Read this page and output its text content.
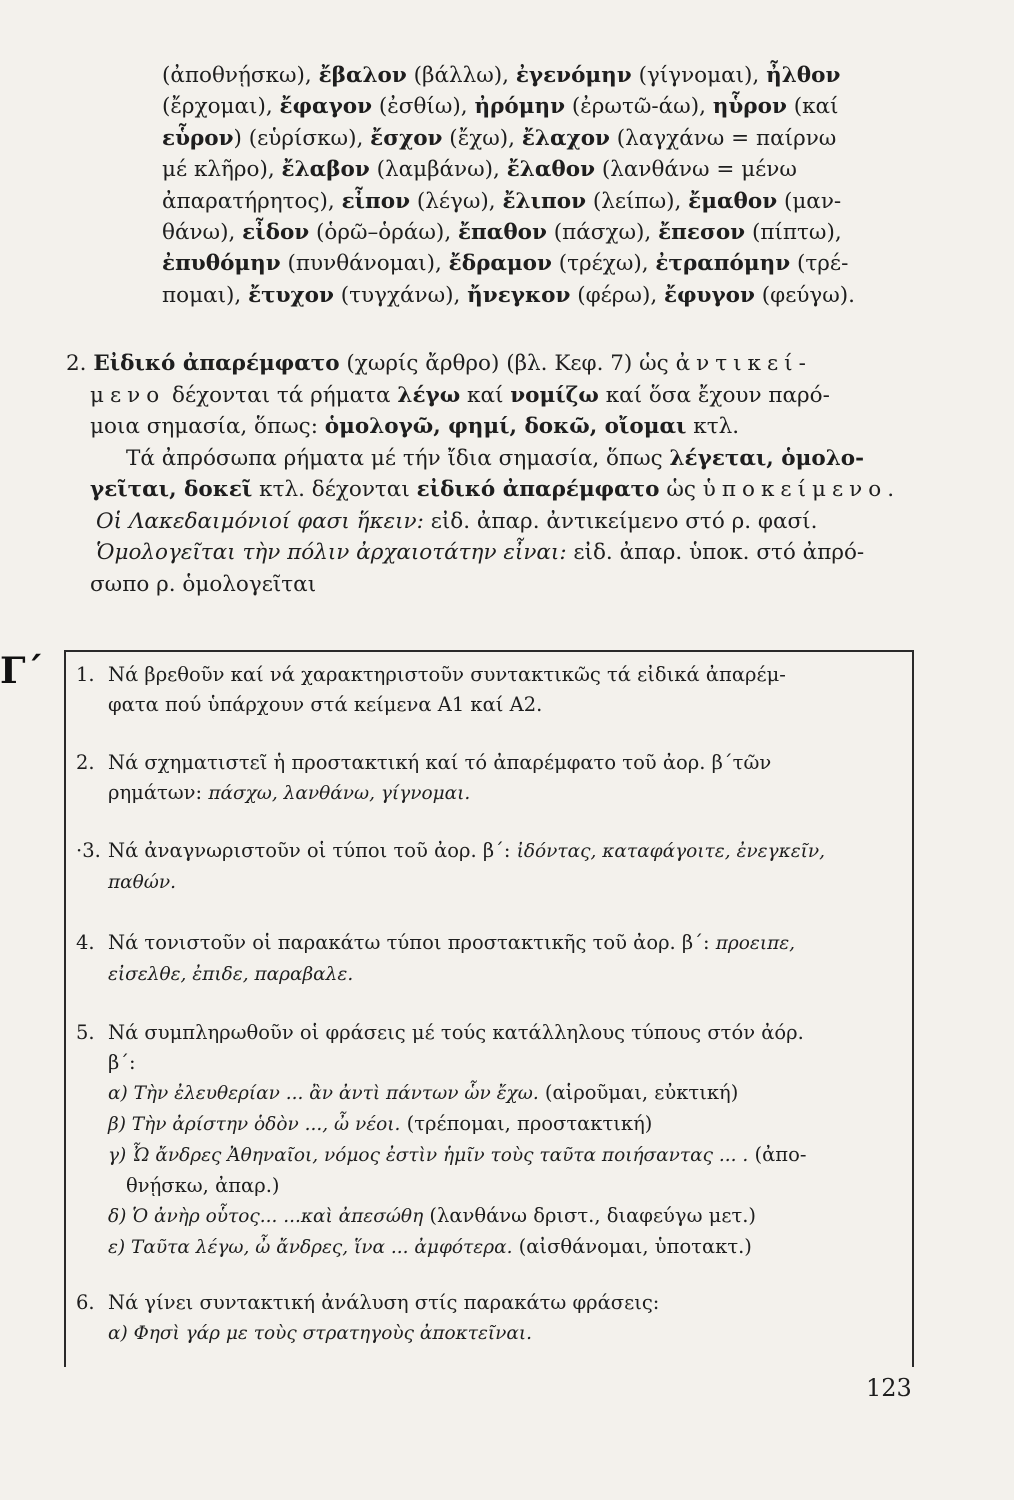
(ἀποθνῄσκω), ἔβαλον (βάλλω), ἐγενόμην (γίγνομαι), ἦλθον
(ἔρχομαι), ἔφαγον (ἐσθίω), ἠρόμην (ἐρωτῶ-άω), ηὗρον (καί
εὗρον) (εὑρίσκω), ἔσχον (ἔχω), ἔλαχον (λαγχάνω = παίρνω
μέ κλῆρο), ἔλαβον (λαμβάνω), ἔλαθον (λανθάνω = μένω
ἀπαρατήρητος), εἶπον (λέγω), ἔλιπον (λείπω), ἔμαθον (μαν-
θάνω), εἶδον (ὁρῶ–ὁράω), ἔπαθον (πάσχω), ἔπεσον (πίπτω),
ἐπυθόμην (πυνθάνομαι), ἔδραμον (τρέχω), ἐτραπόμην (τρέ-
πομαι), ἔτυχον (τυγχάνω), ἤνεγκον (φέρω), ἔφυγον (φεύγω).
2. Εἰδικό ἀπαρέμφατο (χωρίς ἄρθρο) (βλ. Κεφ. 7) ὡς ἀντικεί-
μενο δέχονται τά ρήματα λέγω καί νομίζω καί ὅσα ἔχουν παρό-
μοια σημασία, ὅπως: ὁμολογῶ, φημί, δοκῶ, οἴομαι κτλ.
Τά ἀπρόσωπα ρήματα μέ τήν ἴδια σημασία, ὅπως λέγεται, ὁμολο-
γεῖται, δοκεῖ κτλ. δέχονται εἰδικό ἀπαρέμφατο ὡς ὑποκείμενο.
Οἱ Λακεδαιμόνιοί φασι ἥκειν: εἰδ. ἀπαρ. ἀντικείμενο στό ρ. φασί.
Ὁμολογεῖται τὴν πόλιν ἀρχαιοτάτην εἶναι: εἰδ. ἀπαρ. ὑποκ. στό ἀπρό-
σωπο ρ. ὁμολογεῖται
Γ΄ 1. Νά βρεθοῦν καί νά χαρακτηριστοῦν συντακτικῶς τά εἰδικά ἀπαρέμ-
φατα πού ὑπάρχουν στά κείμενα Α1 καί Α2.
2. Νά σχηματιστεῖ ἡ προστακτική καί τό ἀπαρέμφατο τοῦ ἀορ. β΄τῶν
ρημάτων: πάσχω, λανθάνω, γίγνομαι.
·3. Νά ἀναγνωριστοῦν οἱ τύποι τοῦ ἀορ. β΄: ἰδόντας, καταφάγοιτε, ἐνεγκεῖν,
παθών.
4. Νά τονιστοῦν οἱ παρακάτω τύποι προστακτικῆς τοῦ ἀορ. β΄: προειπε,
εἰσελθε, ἐπιδε, παραβαλε.
5. Νά συμπληρωθοῦν οἱ φράσεις μέ τούς κατάλληλους τύπους στόν ἀόρ.
β΄:
α) Τὴν ἐλευθερίαν ... ἂν ἀντὶ πάντων ὧν ἔχω. (αἱροῦμαι, εὐκτική)
β) Τὴν ἀρίστην ὁδὸν ..., ὦ νέοι. (τρέπομαι, προστακτική)
γ) Ὦ ἄνδρες Ἀθηναῖοι, νόμος ἐστὶν ἡμῖν τοὺς ταῦτα ποιήσαντας ... . (ἀπο-
θνῄσκω, ἀπαρ.)
δ) Ὁ ἀνὴρ οὗτος... ...καὶ ἀπεσώθη (λανθάνω δριστ., διαφεύγω μετ.)
ε) Ταῦτα λέγω, ὦ ἄνδρες, ἵνα ... ἀμφότερα. (αἰσθάνομαι, ὑποτακτ.)
6. Νά γίνει συντακτική ἀνάλυση στίς παρακάτω φράσεις:
α) Φησὶ γάρ με τοὺς στρατηγοὺς ἀποκτεῖναι.
123
